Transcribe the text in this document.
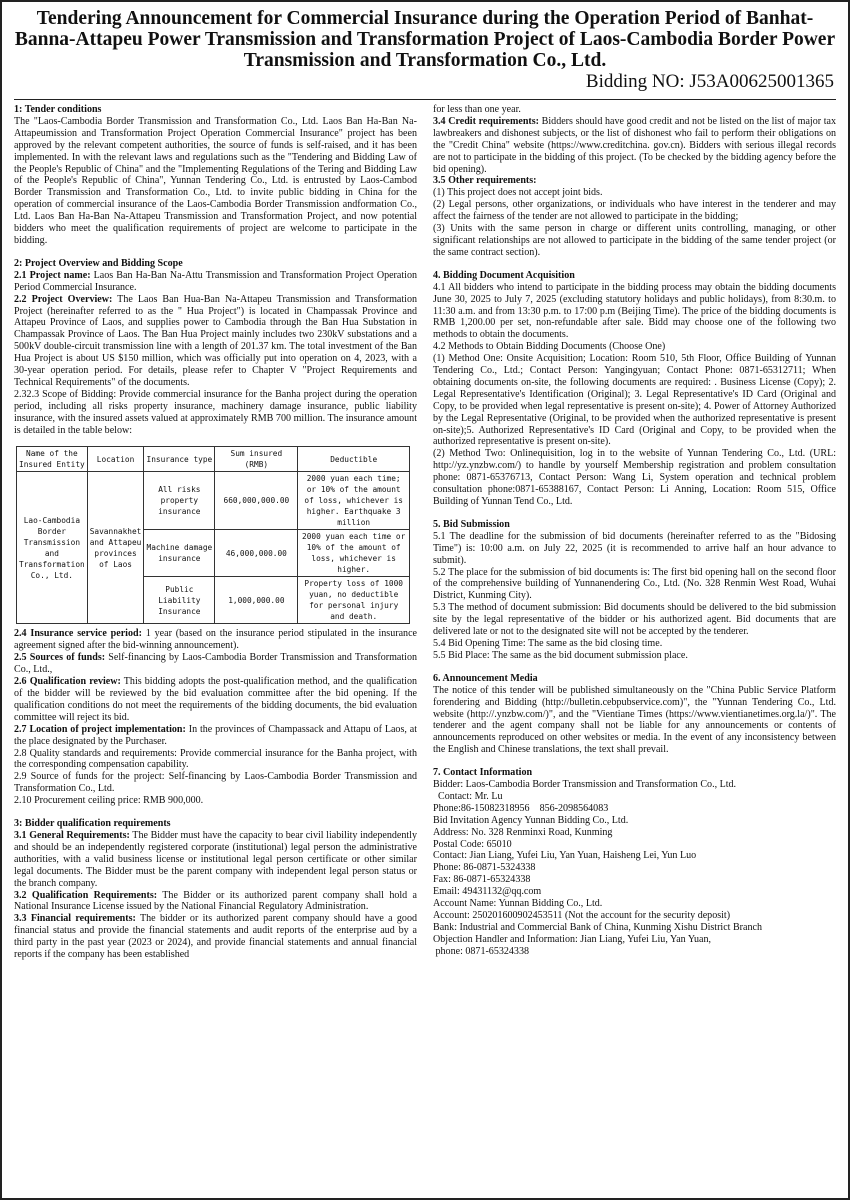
Tendering Announcement for Commercial Insurance during the Operation Period of Banhat-Banna-Attapeu Power Transmission and Transformation Project of Laos-Cambodia Border Power Transmission and Transformation Co., Ltd.

Bidding NO: J53A00625001365

1: Tender conditions

The "Laos-Cambodia Border Transmission and Transformation Co., Ltd. Laos Ban Ha-Ban Na-Attapeumission and Transformation Project Operation Commercial Insurance" project has been approved by the relevant competent authorities, the source of funds is self-raised, and it has been implemented. In with the relevant laws and regulations such as the "Tendering and Bidding Law of the People's Republic of China" and the "Implementing Regulations of the Tering and Bidding Law of the People's Republic of China", Yunnan Tendering Co., Ltd. is entrusted by Laos-Cambod Border Transmission and Transformation Co., Ltd. to invite public bidding in China for the operation of commercial insurance of the Laos-Cambodia Border Transmission andformation Co., Ltd. Laos Ban Ha-Ban Na-Attapeu Transmission and Transformation Project, and now potential bidders who meet the qualification requirements of project are welcome to participate in the bidding.

2: Project Overview and Bidding Scope

2.1 Project name: Laos Ban Ha-Ban Na-Attu Transmission and Transformation Project Operation Period Commercial Insurance.

2.2 Project Overview: The Laos Ban Hua-Ban Na-Attapeu Transmission and Transformation Project (hereinafter referred to as the " Hua Project") is located in Champassak Province and Attapeu Province of Laos, and supplies power to Cambodia through the Ban Hua Substation in Champassak Province of Laos. The Ban Hua Project mainly includes two 230kV substations and a 500kV double-circuit transmission line with a length of 201.37 km. The total investment of the Ban Hua Project is about US $150 million, which was officially put into operation on 4, 2023, with a 30-year operation period. For details, please refer to Chapter V "Project Requirements and Technical Requirements" of the documents.

2.32.3 Scope of Bidding: Provide commercial insurance for the Banha project during the operation period, including all risks property insurance, machinery damage insurance, public liability insurance, with the insured assets valued at approximately RMB 700 million. The insurance amount is detailed in the table below:

Name of the Insured Entity	Location	Insurance type	Sum insured (RMB)	Deductible
Lao-Cambodia Border Transmission and Transformation Co., Ltd.	Savannakhet and Attapeu provinces of Laos	All risks property insurance	660,000,000.00	2000 yuan each time; or 10% of the amount of loss, whichever is higher. Earthquake 3 million
		Machine damage insurance	46,000,000.00	2000 yuan each time or 10% of the amount of loss, whichever is higher.
		Public Liability Insurance	1,000,000.00	Property loss of 1000 yuan, no deductible for personal injury and death.

2.4 Insurance service period: 1 year (based on the insurance period stipulated in the insurance agreement signed after the bid-winning announcement).

2.5 Sources of funds: Self-financing by Laos-Cambodia Border Transmission and Transformation Co., Ltd.,

2.6 Qualification review: This bidding adopts the post-qualification method, and the qualification of the bidder will be reviewed by the bid evaluation committee after the bid opening. If the qualification conditions do not meet the requirements of the bidding documents, the bid evaluation committee will reject its bid.

2.7 Location of project implementation: In the provinces of Champassack and Attapu of Laos, at the place designated by the Purchaser.

2.8 Quality standards and requirements: Provide commercial insurance for the Banha project, with the corresponding compensation capability.

2.9 Source of funds for the project: Self-financing by Laos-Cambodia Border Transmission and Transformation Co., Ltd.

2.10 Procurement ceiling price: RMB 900,000.

3: Bidder qualification requirements

3.1 General Requirements: The Bidder must have the capacity to bear civil liability independently and should be an independently registered corporate (institutional) legal person the administrative authorities, with a valid business license or institutional legal person certificate or other similar legal documents. The Bidder must be the parent company with independent legal person status or the branch company.

3.2 Qualification Requirements: The Bidder or its authorized parent company shall hold a National Insurance License issued by the National Financial Regulatory Administration.

3.3 Financial requirements: The bidder or its authorized parent company should have a good financial status and provide the financial statements and audit reports of the enterprise aud by a third party in the past year (2023 or 2024), and provide financial statements and annual financial reports if the company has been established

for less than one year.

3.4 Credit requirements: Bidders should have good credit and not be listed on the list of major tax lawbreakers and dishonest subjects, or the list of dishonest who fail to perform their obligations on the "Credit China" website (https://www.creditchina. gov.cn). Bidders with serious illegal records are not to participate in the bidding of this project. (To be checked by the bidding agency before the bid opening).

3.5 Other requirements:

(1) This project does not accept joint bids.

(2) Legal persons, other organizations, or individuals who have interest in the tenderer and may affect the fairness of the tender are not allowed to participate in the bidding;

(3) Units with the same person in charge or different units controlling, managing, or other significant relationships are not allowed to participate in the bidding of the same tender project (or the same contract section).

4. Bidding Document Acquisition

4.1 All bidders who intend to participate in the bidding process may obtain the bidding documents June 30, 2025 to July 7, 2025 (excluding statutory holidays and public holidays), from 8:30.m. to 11:30 a.m. and from 13:30 p.m. to 17:00 p.m (Beijing Time). The price of the bidding documents is RMB 1,200.00 per set, non-refundable after sale. Bidd may choose one of the following two methods to obtain the documents.

4.2 Methods to Obtain Bidding Documents (Choose One)

(1) Method One: Onsite Acquisition; Location: Room 510, 5th Floor, Office Building of Yunnan Tendering Co., Ltd.; Contact Person: Yangingyuan; Contact Phone: 0871-65312711; When obtaining documents on-site, the following documents are required: . Business License (Copy); 2. Legal Representative's Identification (Original); 3. Legal Representative's ID Card (Original and Copy, to be provided when legal representative is present on-site); 4. Power of Attorney Authorized by the Legal Representative (Original, to be provided when the authorized representative is present on-site);5. Authorized Representative's ID Card (Original and Copy, to be provided when the authorized representative is present on-site).

(2) Method Two: Onlinequisition, log in to the website of Yunnan Tendering Co., Ltd. (URL: http://yz.ynzbw.com/) to handle by yourself Membership registration and problem consultation phone: 0871-65376713, Contact Person: Wang Li, System operation and technical problem consultation phone:0871-65388167, Contact Person: Li Anning, Location: Room 515, Office Building of Yunnan Tend Co., Ltd.

5. Bid Submission

5.1 The deadline for the submission of bid documents (hereinafter referred to as the "Bidosing Time") is: 10:00 a.m. on July 22, 2025 (it is recommended to arrive half an hour advance to submit).

5.2 The place for the submission of bid documents is: The first bid opening hall on the second floor of the comprehensive building of Yunnanendering Co., Ltd. (No. 328 Renmin West Road, Wuhai District, Kunming City).

5.3 The method of document submission: Bid documents should be delivered to the bid submission site by the legal representative of the bidder or his authorized agent. Bid documents that are delivered late or not to the designated site will not be accepted by the tenderer.

5.4 Bid Opening Time: The same as the bid closing time.

5.5 Bid Place: The same as the bid document submission place.

6. Announcement Media

The notice of this tender will be published simultaneously on the "China Public Service Platform forendering and Bidding (http://bulletin.cebpubservice.com)", the "Yunnan Tendering Co., Ltd. website (http://.ynzbw.com/)", and the "Vientiane Times (https://www.vientianetimes.org.la/)". The tenderer and the agent company shall not be liable for any announcements or contents of announcements reproduced on other websites or media. In the event of any inconsistency between the English and Chinese translations, the text shall prevail.

7. Contact Information

Bidder: Laos-Cambodia Border Transmission and Transformation Co., Ltd.

Contact: Mr. Lu

Phone:86-15082318956    856-2098564083

Bid Invitation Agency Yunnan Bidding Co., Ltd.

Address: No. 328 Renminxi Road, Kunming

Postal Code: 65010

Contact: Jian Liang, Yufei Liu, Yan Yuan, Haisheng Lei, Yun Luo

Phone: 86-0871-5324338

Fax: 86-0871-65324338

Email: 49431132@qq.com

Account Name: Yunnan Bidding Co., Ltd.

Account: 250201600902453511 (Not the account for the security deposit)

Bank: Industrial and Commercial Bank of China, Kunming Xishu District Branch

Objection Handler and Information: Jian Liang, Yufei Liu, Yan Yuan,

phone: 0871-65324338
